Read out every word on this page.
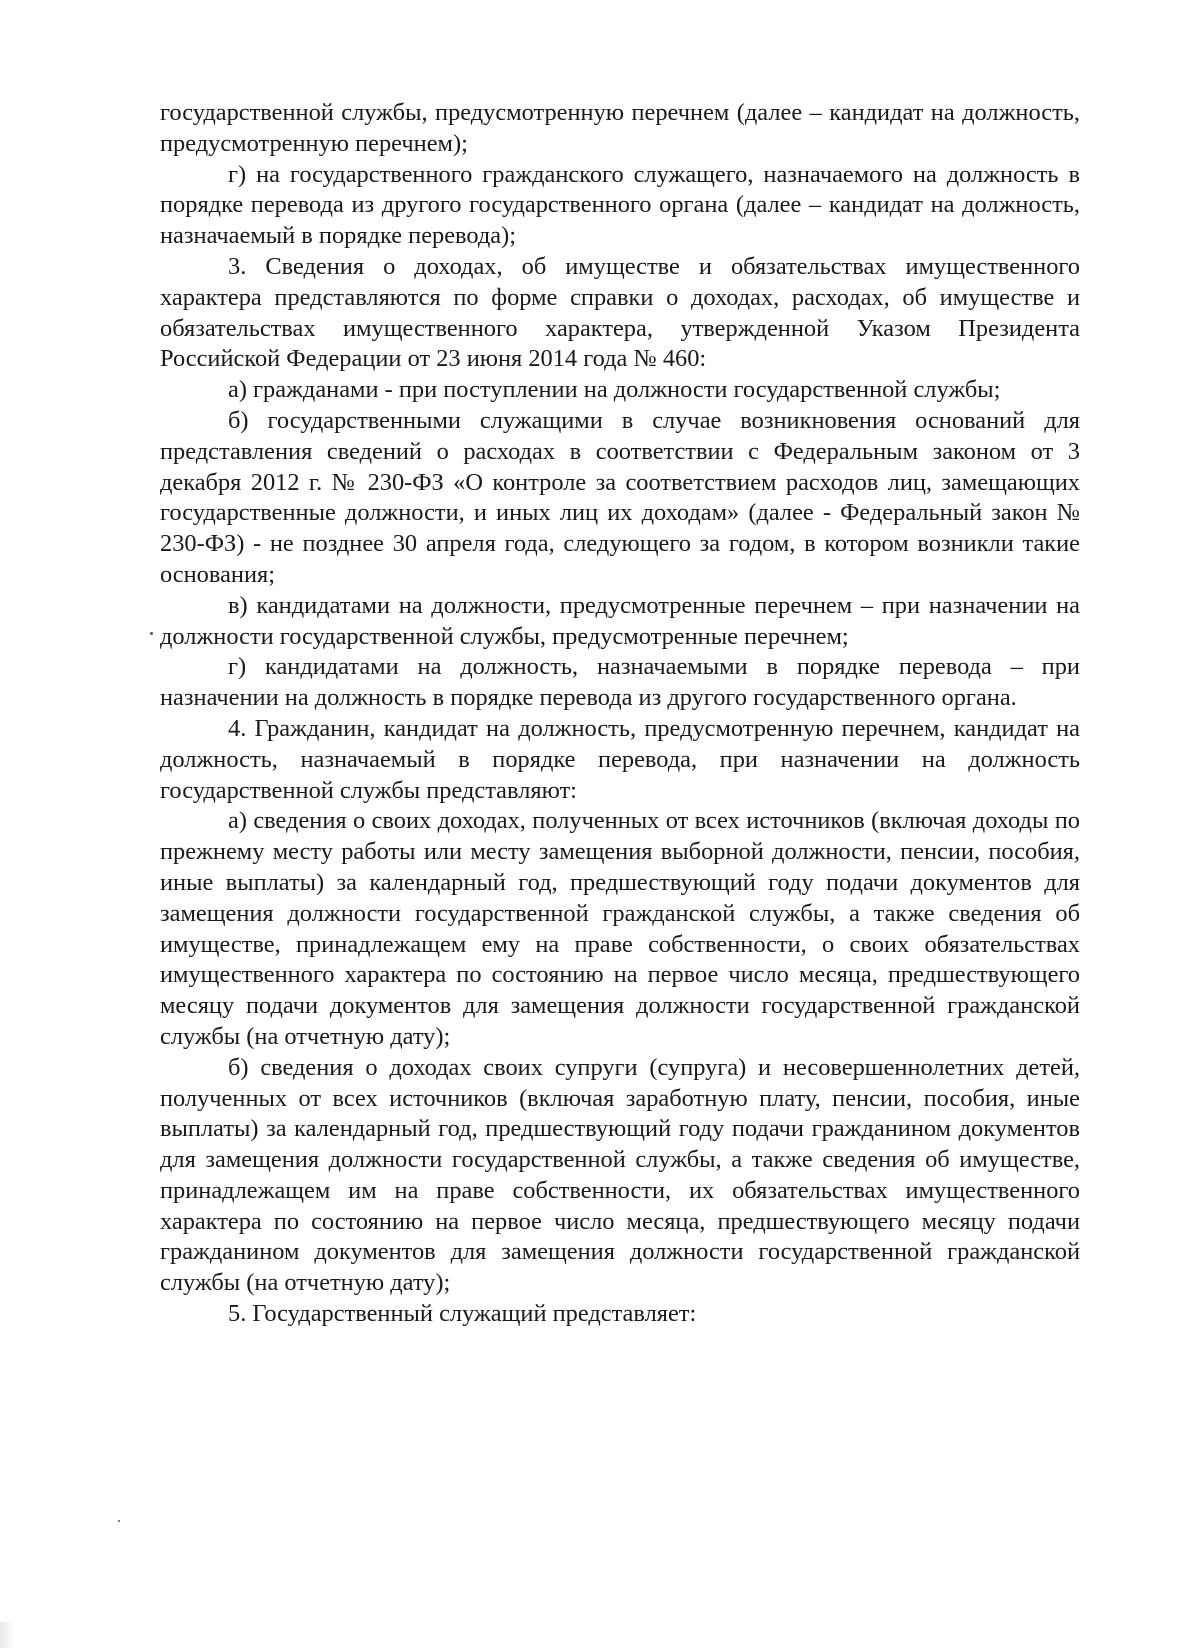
государственной службы, предусмотренную перечнем (далее – кандидат на должность, предусмотренную перечнем);

г) на государственного гражданского служащего, назначаемого на должность в порядке перевода из другого государственного органа (далее – кандидат на должность, назначаемый в порядке перевода);

3. Сведения о доходах, об имуществе и обязательствах имущественного характера представляются по форме справки о доходах, расходах, об имуществе и обязательствах имущественного характера, утвержденной Указом Президента Российской Федерации от 23 июня 2014 года № 460:

а) гражданами - при поступлении на должности государственной службы;

б) государственными служащими в случае возникновения оснований для представления сведений о расходах в соответствии с Федеральным законом от 3 декабря 2012 г. № 230-ФЗ «О контроле за соответствием расходов лиц, замещающих государственные должности, и иных лиц их доходам» (далее - Федеральный закон № 230-ФЗ) - не позднее 30 апреля года, следующего за годом, в котором возникли такие основания;

в) кандидатами на должности, предусмотренные перечнем – при назначении на должности государственной службы, предусмотренные перечнем;

г) кандидатами на должность, назначаемыми в порядке перевода – при назначении на должность в порядке перевода из другого государственного органа.

4. Гражданин, кандидат на должность, предусмотренную перечнем, кандидат на должность, назначаемый в порядке перевода, при назначении на должность государственной службы представляют:

а) сведения о своих доходах, полученных от всех источников (включая доходы по прежнему месту работы или месту замещения выборной должности, пенсии, пособия, иные выплаты) за календарный год, предшествующий году подачи документов для замещения должности государственной гражданской службы, а также сведения об имуществе, принадлежащем ему на праве собственности, о своих обязательствах имущественного характера по состоянию на первое число месяца, предшествующего месяцу подачи документов для замещения должности государственной гражданской службы (на отчетную дату);

б) сведения о доходах своих супруги (супруга) и несовершеннолетних детей, полученных от всех источников (включая заработную плату, пенсии, пособия, иные выплаты) за календарный год, предшествующий году подачи гражданином документов для замещения должности государственной службы, а также сведения об имуществе, принадлежащем им на праве собственности, их обязательствах имущественного характера по состоянию на первое число месяца, предшествующего месяцу подачи гражданином документов для замещения должности государственной гражданской службы (на отчетную дату);

5. Государственный служащий представляет:
